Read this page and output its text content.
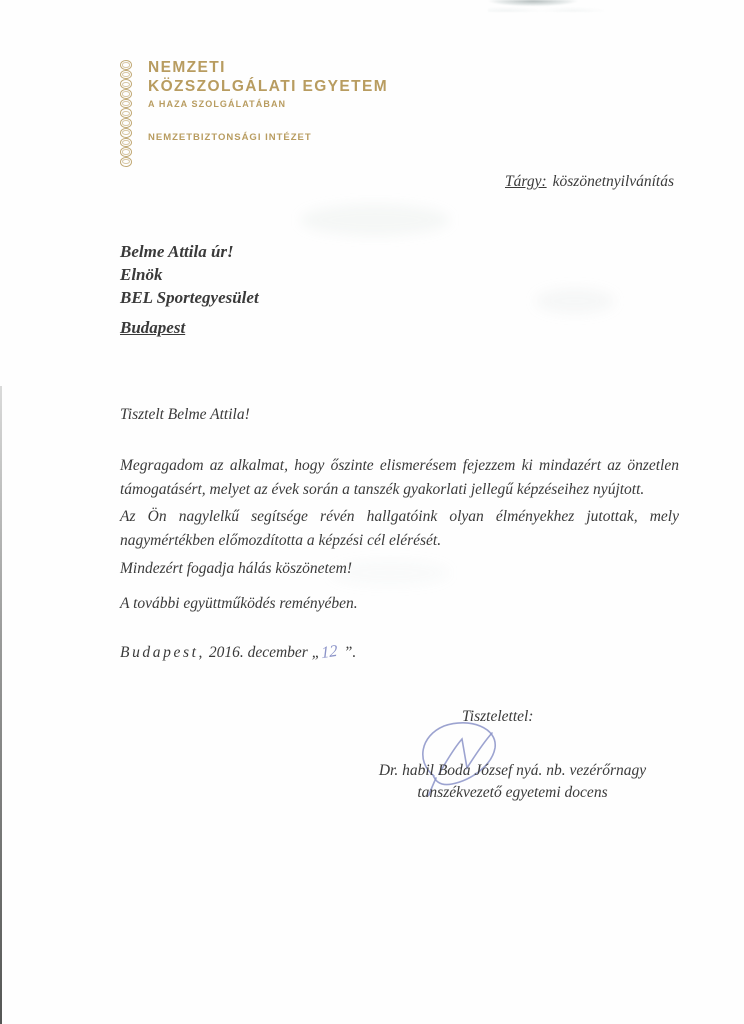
NEMZETI
KÖZSZOLGÁLATI EGYETEM
A HAZA SZOLGÁLATÁBAN
NEMZETBIZTONSÁGI INTÉZET
Tárgy: köszönetnyilvánítás
Belme Attila úr!
Elnök
BEL Sportegyesület
Budapest
Tisztelt Belme Attila!

Megragadom az alkalmat, hogy őszinte elismerésem fejezzem ki mindazért az önzetlen támogatásért, melyet az évek során a tanszék gyakorlati jellegű képzéseihez nyújtott.

Az Ön nagylelkű segítsége révén hallgatóink olyan élményekhez jutottak, mely nagymértékben előmozdította a képzési cél elérését.

Mindezért fogadja hálás köszönetem!

A további együttműködés reményében.

Budapest, 2016. december „12 ”.
Tisztelettel:
Dr. habil Boda József nyá. nb. vezérőrnagy
tanszékvezető egyetemi docens
